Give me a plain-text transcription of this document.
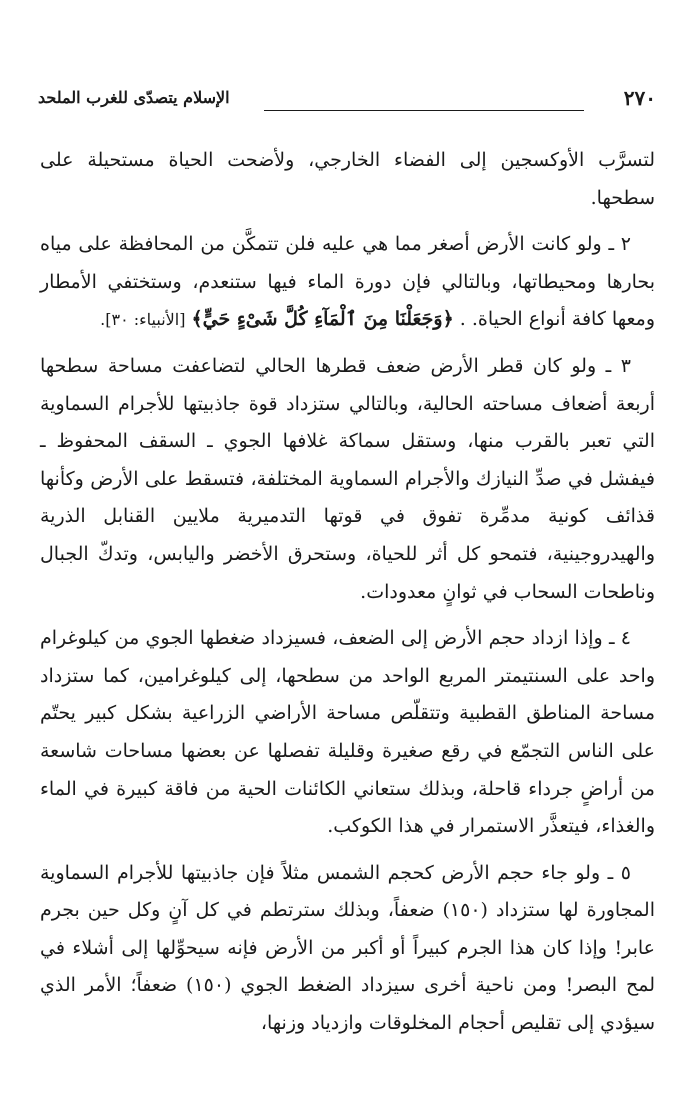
٢٧٠
الإسلام يتصدّى للغرب الملحد

لتسرَّب الأوكسجين إلى الفضاء الخارجي، ولأضحت الحياة مستحيلة على سطحها.

٢ ـ ولو كانت الأرض أصغر مما هي عليه فلن تتمكَّن من المحافظة على مياه بحارها ومحيطاتها، وبالتالي فإن دورة الماء فيها ستنعدم، وستختفي الأمطار ومعها كافة أنواع الحياة. . ﴿وَجَعَلْنَا مِنَ ٱلْمَآءِ كُلَّ شَىْءٍ حَيٍّ﴾ [الأنبياء: ٣٠].

٣ ـ ولو كان قطر الأرض ضعف قطرها الحالي لتضاعفت مساحة سطحها أربعة أضعاف مساحته الحالية، وبالتالي ستزداد قوة جاذبيتها للأجرام السماوية التي تعبر بالقرب منها، وستقل سماكة غلافها الجوي ـ السقف المحفوظ ـ فيفشل في صدِّ النيازك والأجرام السماوية المختلفة، فتسقط على الأرض وكأنها قذائف كونية مدمِّرة تفوق في قوتها التدميرية ملايين القنابل الذرية والهيدروجينية، فتمحو كل أثر للحياة، وستحرق الأخضر واليابس، وتدكّ الجبال وناطحات السحاب في ثوانٍ معدودات.

٤ ـ وإذا ازداد حجم الأرض إلى الضعف، فسيزداد ضغطها الجوي من كيلوغرام واحد على السنتيمتر المربع الواحد من سطحها، إلى كيلوغرامين، كما ستزداد مساحة المناطق القطبية وتتقلّص مساحة الأراضي الزراعية بشكل كبير يحتّم على الناس التجمّع في رقع صغيرة وقليلة تفصلها عن بعضها مساحات شاسعة من أراضٍ جرداء قاحلة، وبذلك ستعاني الكائنات الحية من فاقة كبيرة في الماء والغذاء، فيتعذَّر الاستمرار في هذا الكوكب.

٥ ـ ولو جاء حجم الأرض كحجم الشمس مثلاً فإن جاذبيتها للأجرام السماوية المجاورة لها ستزداد (١٥٠) ضعفاً، وبذلك سترتطم في كل آنٍ وكل حين بجرم عابر! وإذا كان هذا الجرم كبيراً أو أكبر من الأرض فإنه سيحوِّلها إلى أشلاء في لمح البصر! ومن ناحية أخرى سيزداد الضغط الجوي (١٥٠) ضعفاً؛ الأمر الذي سيؤدي إلى تقليص أحجام المخلوقات وازدياد وزنها،
